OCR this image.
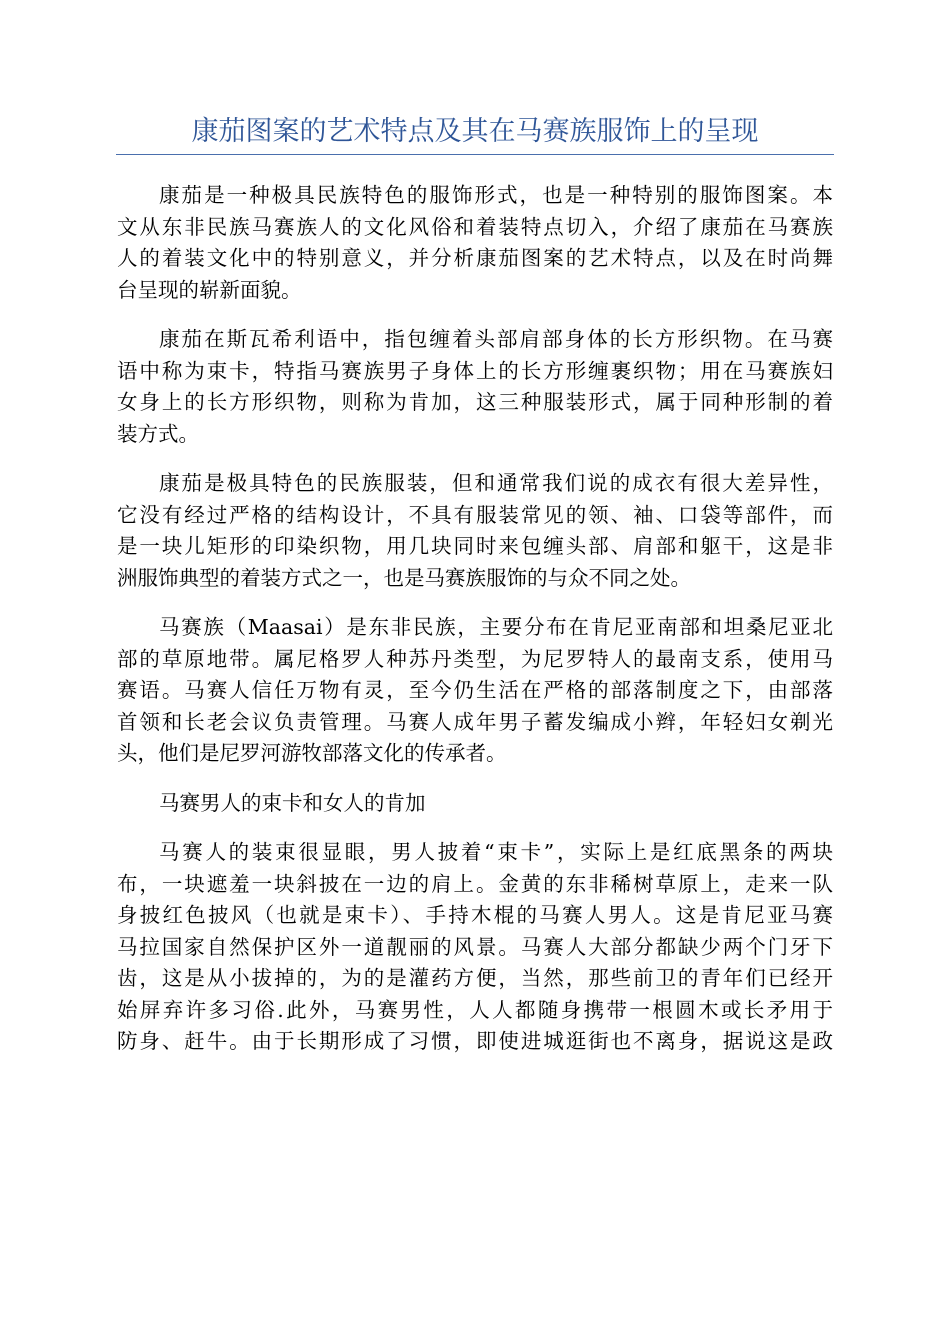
康茄图案的艺术特点及其在马赛族服饰上的呈现
康茄是一种极具民族特色的服饰形式，也是一种特别的服饰图案。本
文从东非民族马赛族人的文化风俗和着装特点切入，介绍了康茄在马赛族
人的着装文化中的特别意义，并分析康茄图案的艺术特点，以及在时尚舞
台呈现的崭新面貌。
康茄在斯瓦希利语中，指包缠着头部肩部身体的长方形织物。在马赛
语中称为束卡，特指马赛族男子身体上的长方形缠裹织物；用在马赛族妇
女身上的长方形织物，则称为肯加，这三种服装形式，属于同种形制的着
装方式。
康茄是极具特色的民族服装，但和通常我们说的成衣有很大差异性，
它没有经过严格的结构设计，不具有服装常见的领、袖、口袋等部件，而
是一块儿矩形的印染织物，用几块同时来包缠头部、肩部和躯干，这是非
洲服饰典型的着装方式之一，也是马赛族服饰的与众不同之处。
马赛族（Maasai）是东非民族，主要分布在肯尼亚南部和坦桑尼亚北
部的草原地带。属尼格罗人种苏丹类型，为尼罗特人的最南支系，使用马
赛语。马赛人信任万物有灵，至今仍生活在严格的部落制度之下，由部落
首领和长老会议负责管理。马赛人成年男子蓄发编成小辫，年轻妇女剃光
头，他们是尼罗河游牧部落文化的传承者。
马赛男人的束卡和女人的肯加
马赛人的装束很显眼，男人披着“束卡”，实际上是红底黑条的两块
布，一块遮羞一块斜披在一边的肩上。金黄的东非稀树草原上，走来一队
身披红色披风（也就是束卡）、手持木棍的马赛人男人。这是肯尼亚马赛
马拉国家自然保护区外一道靓丽的风景。马赛人大部分都缺少两个门牙下
齿，这是从小拔掉的，为的是灌药方便，当然，那些前卫的青年们已经开
始屏弃许多习俗.此外，马赛男性，人人都随身携带一根圆木或长矛用于
防身、赶牛。由于长期形成了习惯，即使进城逛街也不离身，据说这是政
